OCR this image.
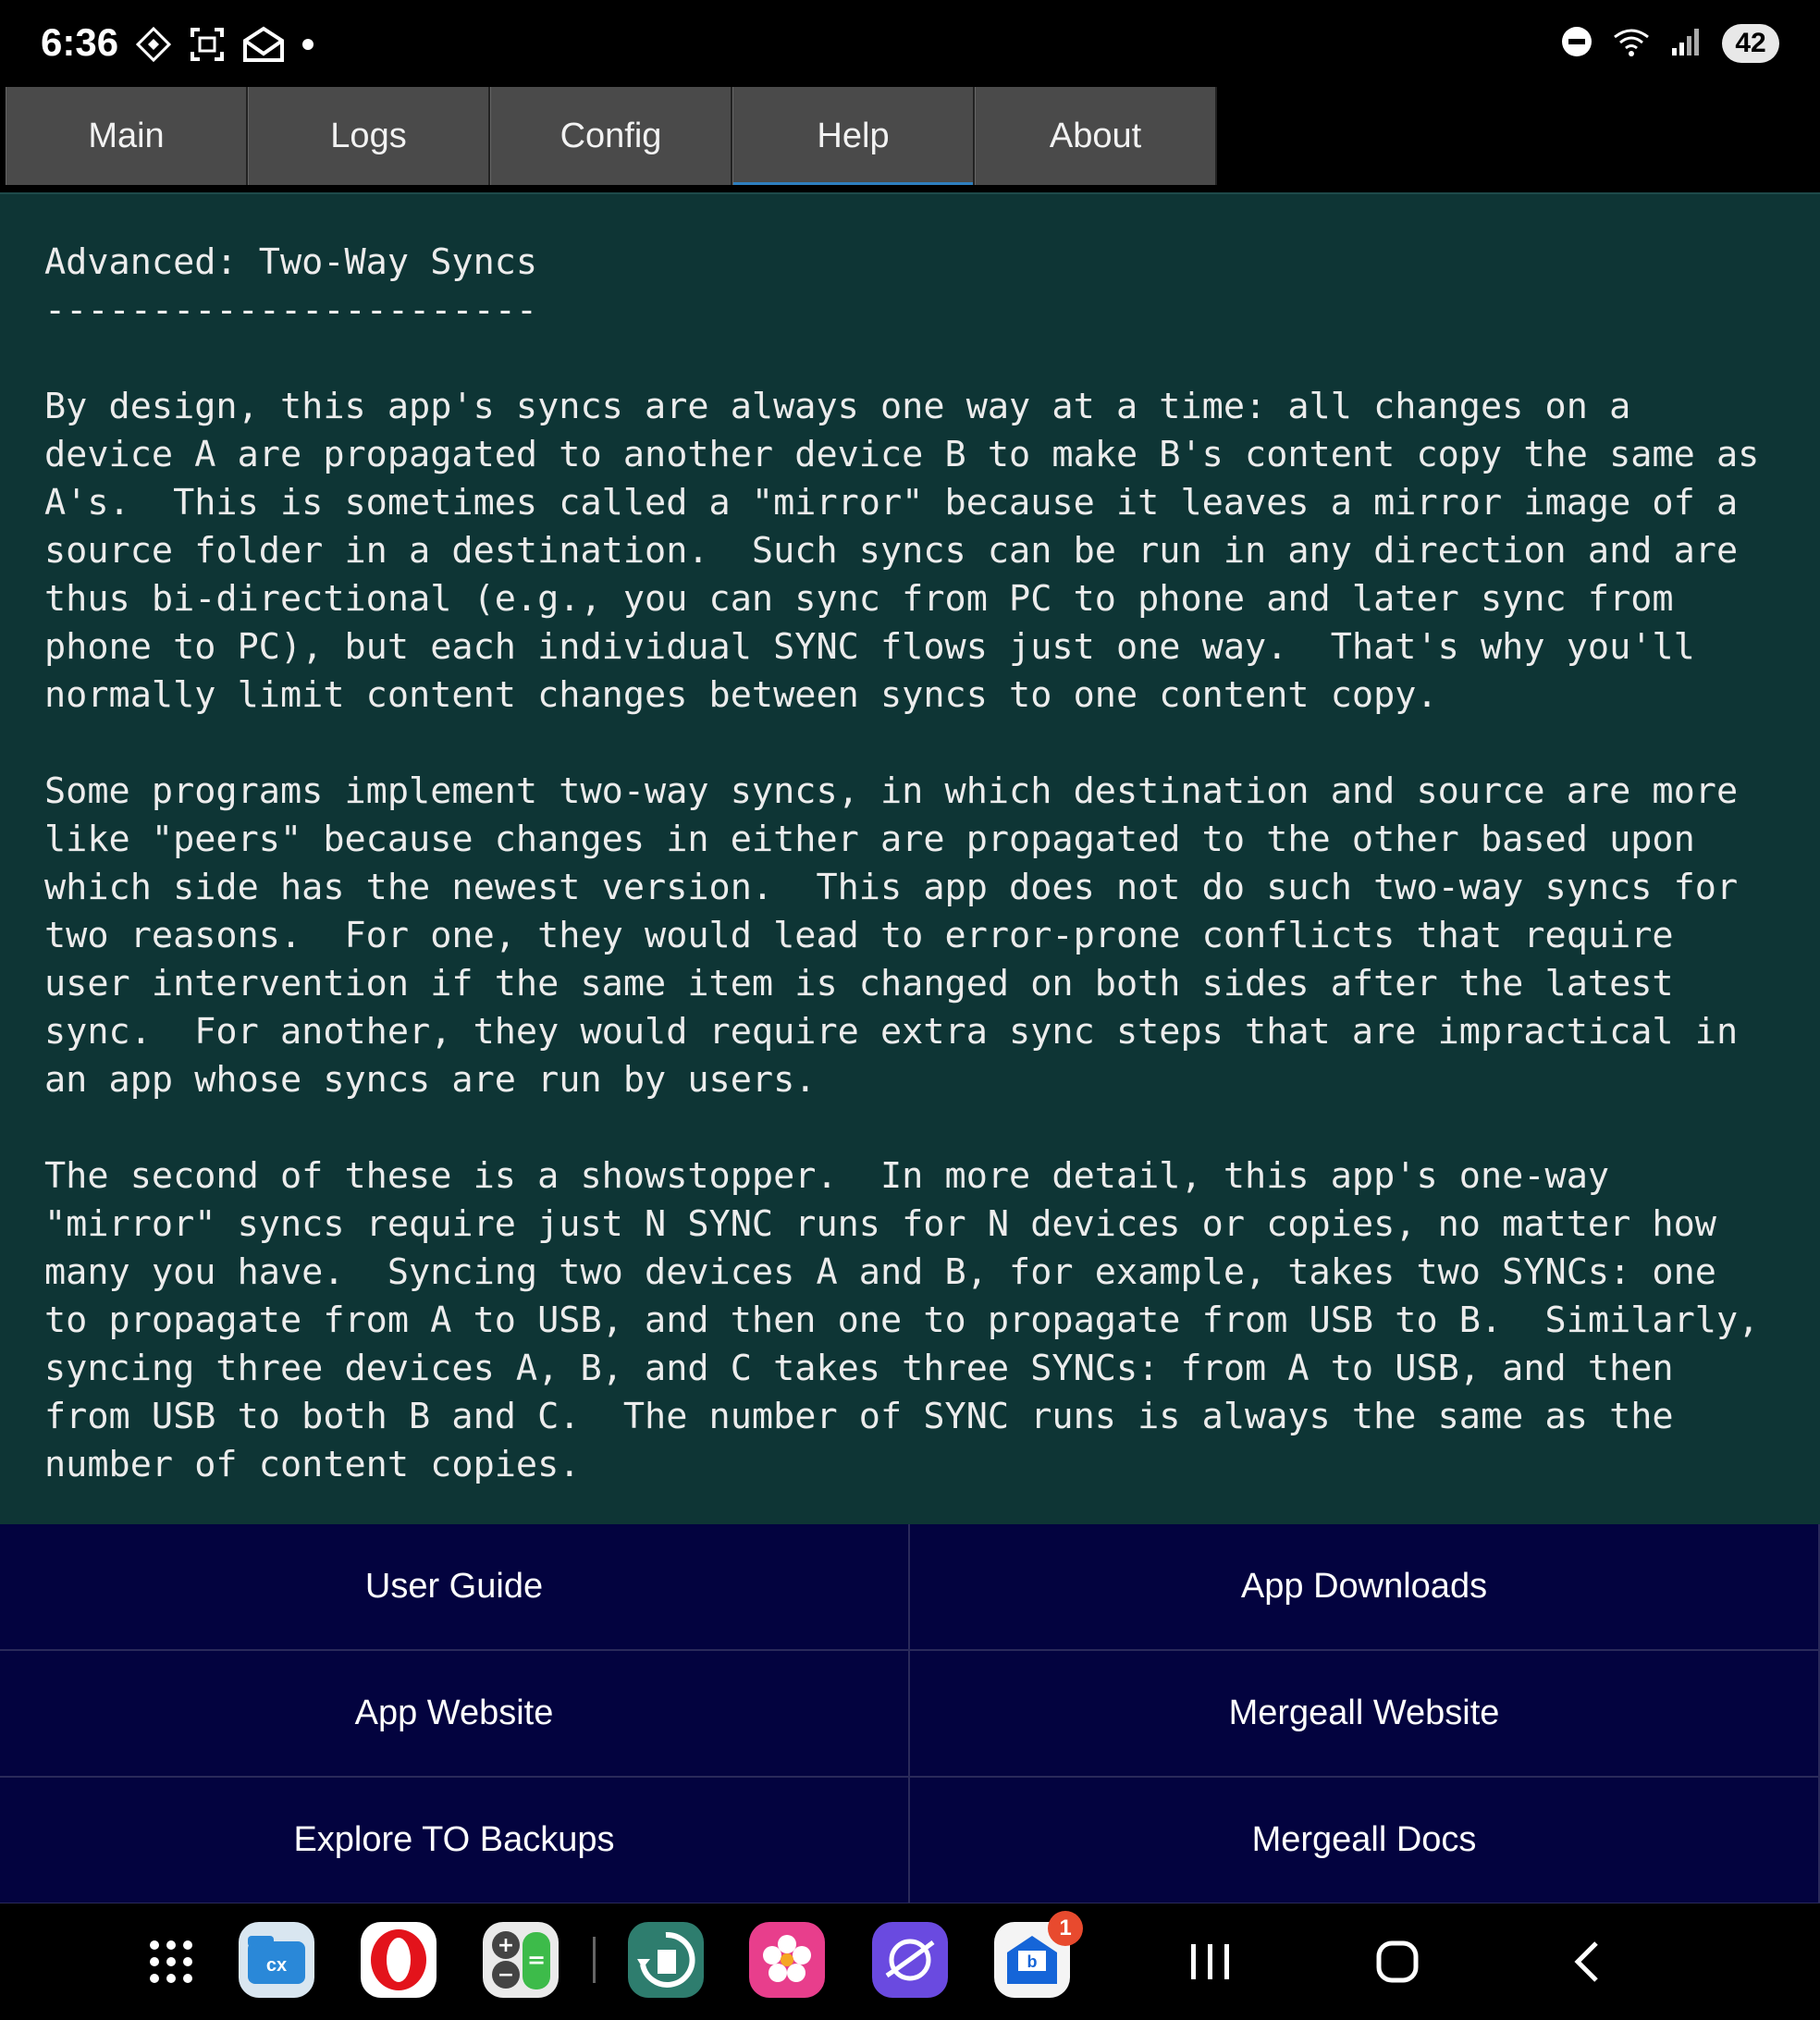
6:36	42
Main	Logs	Config	Help	About
Advanced: Two-Way Syncs
-----------------------

By design, this app's syncs are always one way at a time: all changes on a
device A are propagated to another device B to make B's content copy the same as
A's.  This is sometimes called a "mirror" because it leaves a mirror image of a
source folder in a destination.  Such syncs can be run in any direction and are
thus bi-directional (e.g., you can sync from PC to phone and later sync from
phone to PC), but each individual SYNC flows just one way.  That's why you'll
normally limit content changes between syncs to one content copy.

Some programs implement two-way syncs, in which destination and source are more
like "peers" because changes in either are propagated to the other based upon
which side has the newest version.  This app does not do such two-way syncs for
two reasons.  For one, they would lead to error-prone conflicts that require
user intervention if the same item is changed on both sides after the latest
sync.  For another, they would require extra sync steps that are impractical in
an app whose syncs are run by users.

The second of these is a showstopper.  In more detail, this app's one-way
"mirror" syncs require just N SYNC runs for N devices or copies, no matter how
many you have.  Syncing two devices A and B, for example, takes two SYNCs: one
to propagate from A to USB, and then one to propagate from USB to B.  Similarly,
syncing three devices A, B, and C takes three SYNCs: from A to USB, and then
from USB to both B and C.  The number of SYNC runs is always the same as the
number of content copies.
User Guide	App Downloads
App Website	Mergeall Website
Explore TO Backups	Mergeall Docs
cx
+
−
=	b
1
